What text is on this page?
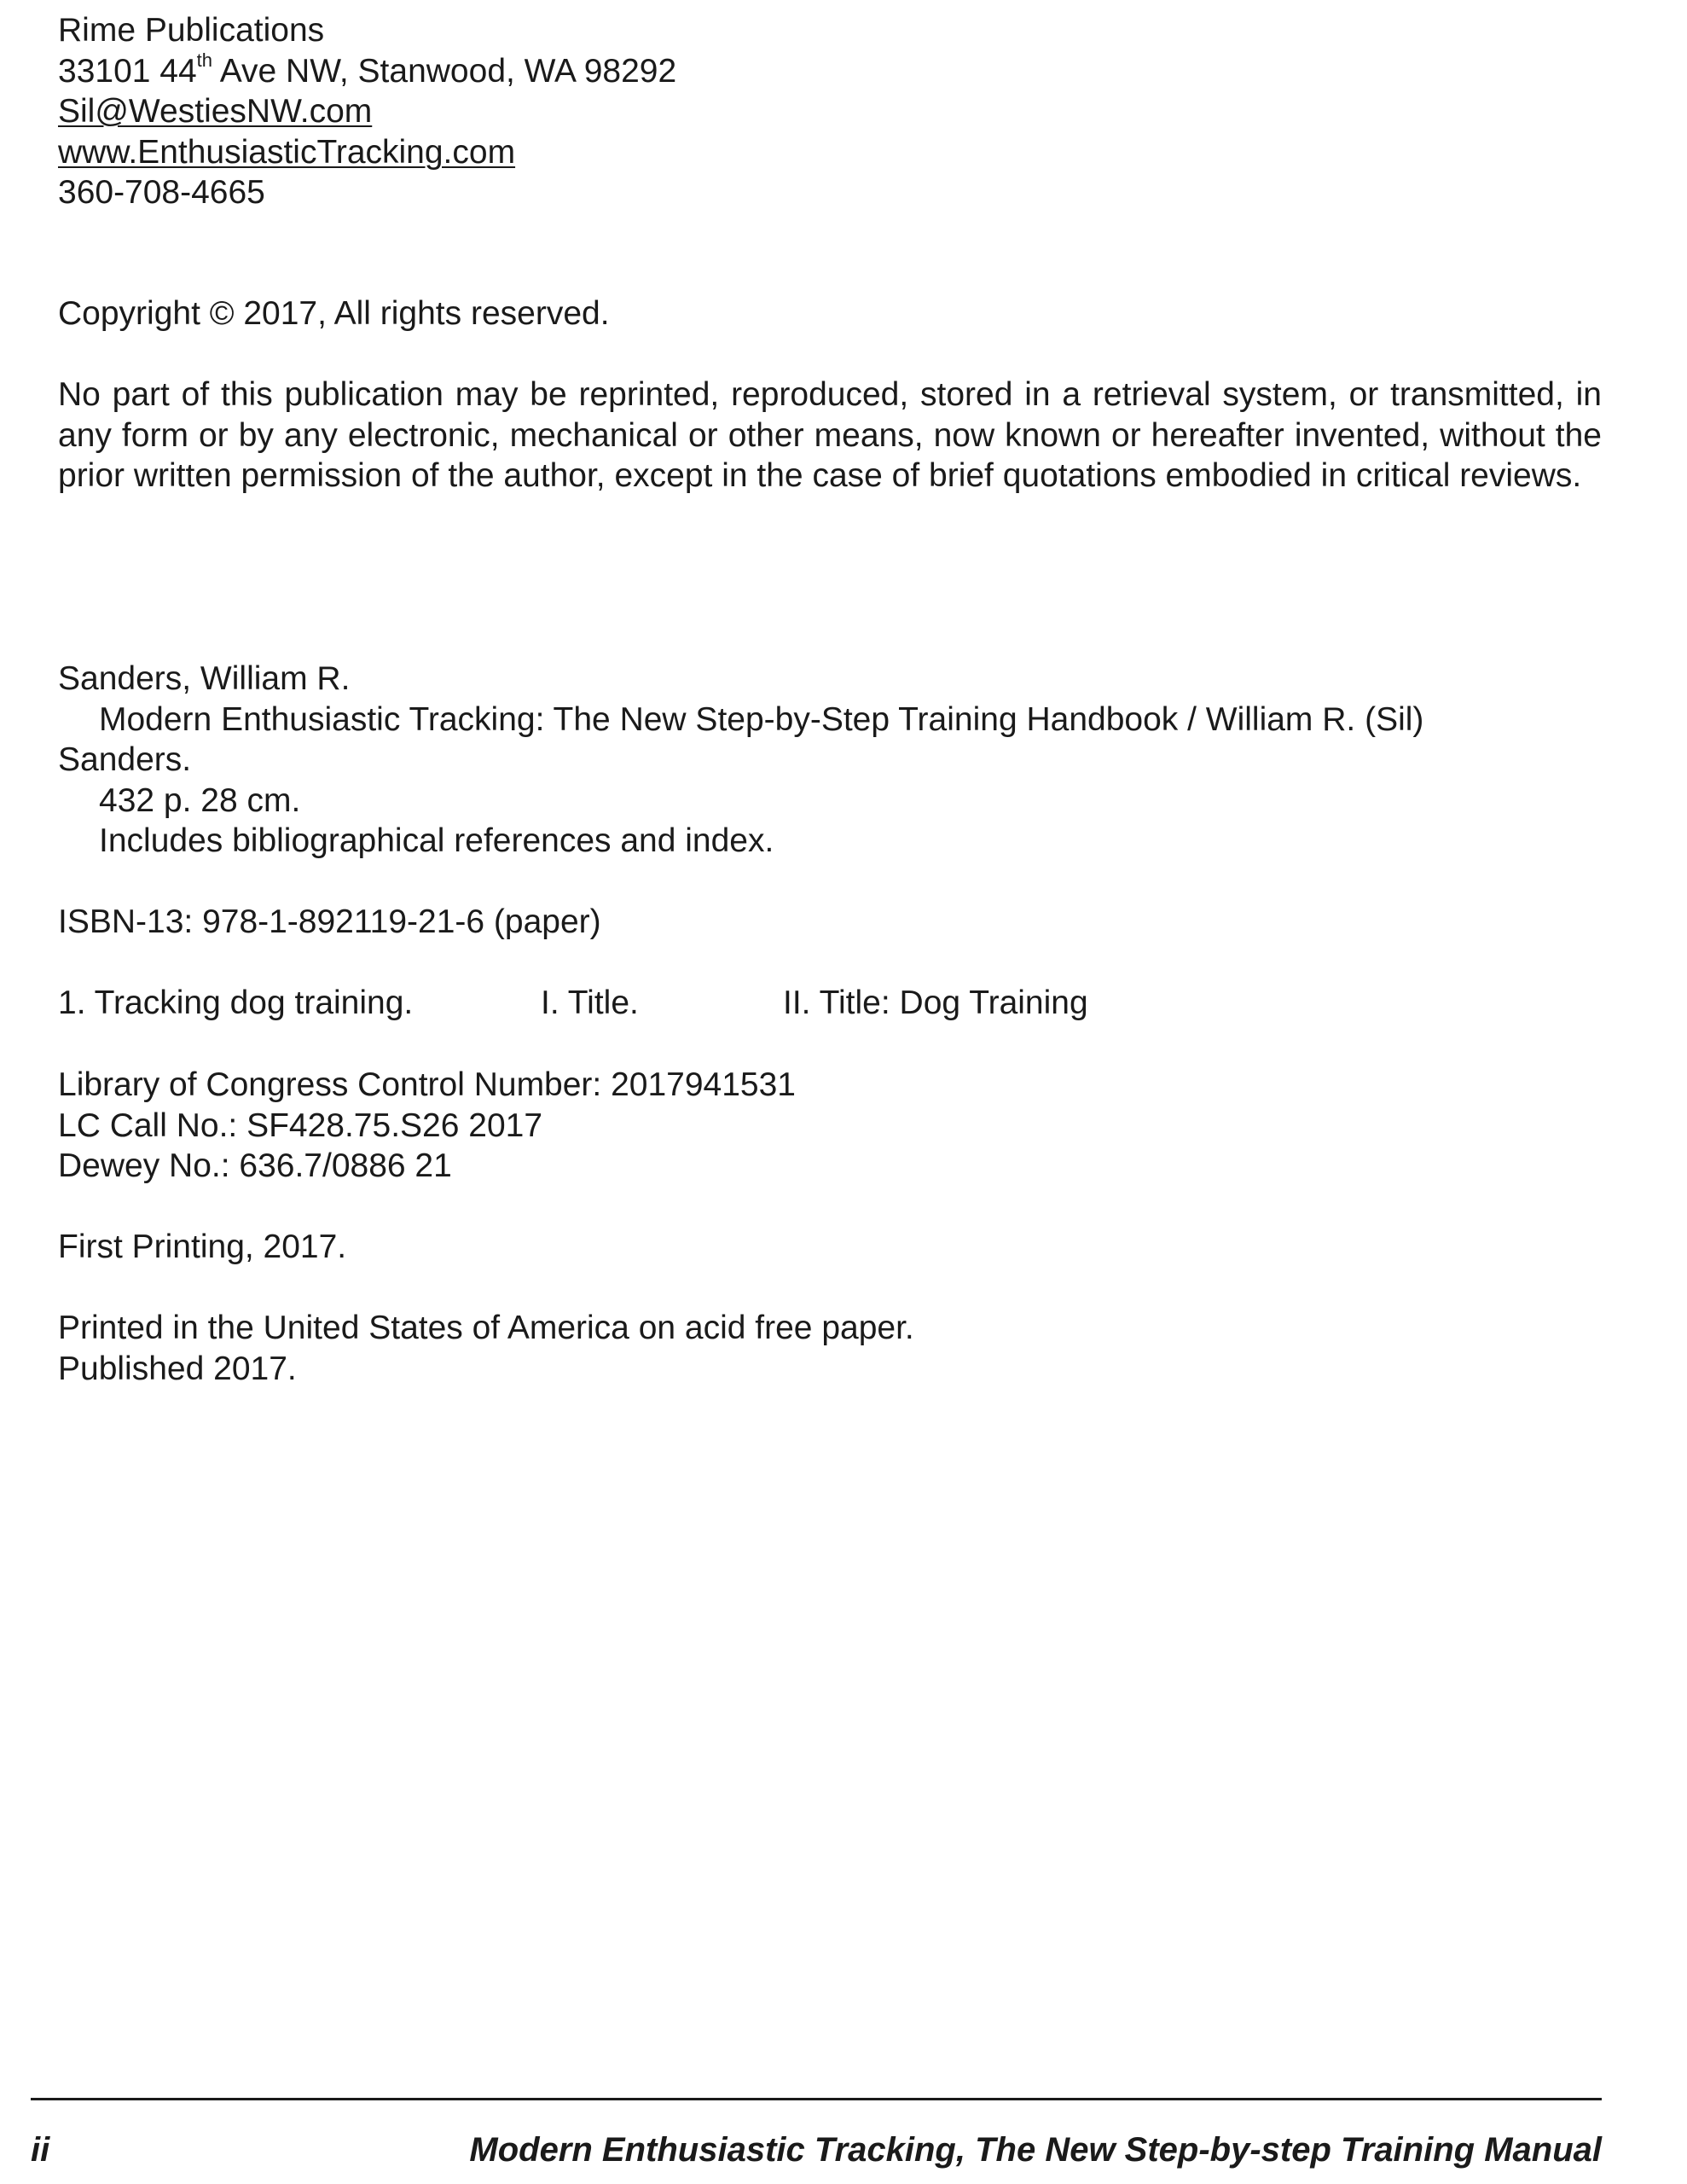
Rime Publications
33101 44th Ave NW, Stanwood, WA 98292
Sil@WestiesNW.com
www.EnthusiasticTracking.com
360-708-4665
Copyright © 2017, All rights reserved.
No part of this publication may be reprinted, reproduced, stored in a retrieval system, or transmitted, in any form or by any electronic, mechanical or other means, now known or hereafter invented, without the prior written permission of the author, except in the case of brief quotations embodied in critical reviews.
Sanders, William R.
Modern Enthusiastic Tracking: The New Step-by-Step Training Handbook / William R. (Sil)
Sanders.
432 p. 28 cm.
Includes bibliographical references and index.
ISBN-13: 978-1-892119-21-6 (paper)
1. Tracking dog training.	I. Title.	II. Title: Dog Training
Library of Congress Control Number: 2017941531
LC Call No.: SF428.75.S26 2017
Dewey No.: 636.7/0886 21
First Printing, 2017.
Printed in the United States of America on acid free paper.
Published 2017.
ii	Modern Enthusiastic Tracking, The New Step-by-step Training Manual
